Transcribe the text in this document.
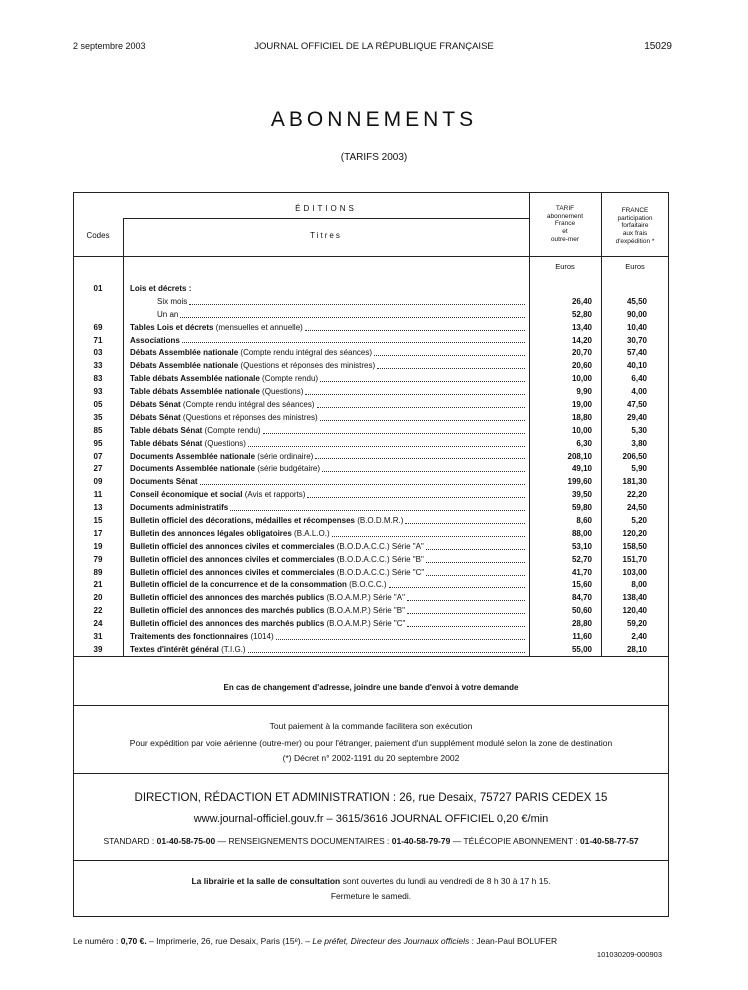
2 septembre 2003	JOURNAL OFFICIEL DE LA RÉPUBLIQUE FRANÇAISE	15029
ABONNEMENTS
(TARIFS 2003)
ÉDITIONS
Codes	Titres
TARIF
abonnement
France
et
outre-mer
FRANCE
participation
forfaitaire
aux frais
d'expédition *
Euros	Euros
01	Lois et décrets :
Six mois	26,40	45,50
Un an	52,80	90,00
69	Tables Lois et décrets (mensuelles et annuelle)	13,40	10,40
71	Associations	14,20	30,70
03	Débats Assemblée nationale (Compte rendu intégral des séances)	20,70	57,40
33	Débats Assemblée nationale (Questions et réponses des ministres)	20,60	40,10
83	Table débats Assemblée nationale (Compte rendu)	10,00	6,40
93	Table débats Assemblée nationale (Questions)	9,90	4,00
05	Débats Sénat (Compte rendu intégral des séances)	19,00	47,50
35	Débats Sénat (Questions et réponses des ministres)	18,80	29,40
85	Table débats Sénat (Compte rendu)	10,00	5,30
95	Table débats Sénat (Questions)	6,30	3,80
07	Documents Assemblée nationale (série ordinaire)	208,10	206,50
27	Documents Assemblée nationale (série budgétaire)	49,10	5,90
09	Documents Sénat	199,60	181,30
11	Conseil économique et social (Avis et rapports)	39,50	22,20
13	Documents administratifs	59,80	24,50
15	Bulletin officiel des décorations, médailles et récompenses (B.O.D.M.R.)	8,60	5,20
17	Bulletin des annonces légales obligatoires (B.A.L.O.)	88,00	120,20
19	Bulletin officiel des annonces civiles et commerciales (B.O.D.A.C.C.) Série "A"	53,10	158,50
79	Bulletin officiel des annonces civiles et commerciales (B.O.D.A.C.C.) Série "B"	52,70	151,70
89	Bulletin officiel des annonces civiles et commerciales (B.O.D.A.C.C.) Série "C"	41,70	103,00
21	Bulletin officiel de la concurrence et de la consommation (B.O.C.C.)	15,60	8,00
20	Bulletin officiel des annonces des marchés publics (B.O.A.M.P.) Série "A"	84,70	138,40
22	Bulletin officiel des annonces des marchés publics (B.O.A.M.P.) Série "B"	50,60	120,40
24	Bulletin officiel des annonces des marchés publics (B.O.A.M.P.) Série "C"	28,80	59,20
31	Traitements des fonctionnaires (1014)	11,60	2,40
39	Textes d'intérêt général (T.I.G.)	55,00	28,10
En cas de changement d'adresse, joindre une bande d'envoi à votre demande
Tout paiement à la commande facilitera son exécution
Pour expédition par voie aérienne (outre-mer) ou pour l'étranger, paiement d'un supplément modulé selon la zone de destination
(*) Décret n° 2002-1191 du 20 septembre 2002
DIRECTION, RÉDACTION ET ADMINISTRATION : 26, rue Desaix, 75727 PARIS CEDEX 15
www.journal-officiel.gouv.fr – 3615/3616 JOURNAL OFFICIEL 0,20 €/min
STANDARD : 01-40-58-75-00 — RENSEIGNEMENTS DOCUMENTAIRES : 01-40-58-79-79 — TÉLÉCOPIE ABONNEMENT : 01-40-58-77-57
La librairie et la salle de consultation sont ouvertes du lundi au vendredi de 8 h 30 à 17 h 15.
Fermeture le samedi.
Le numéro : 0,70 €. – Imprimerie, 26, rue Desaix, Paris (15ᵉ). – Le préfet, Directeur des Journaux officiels : Jean-Paul BOLUFER
101030209-000903
